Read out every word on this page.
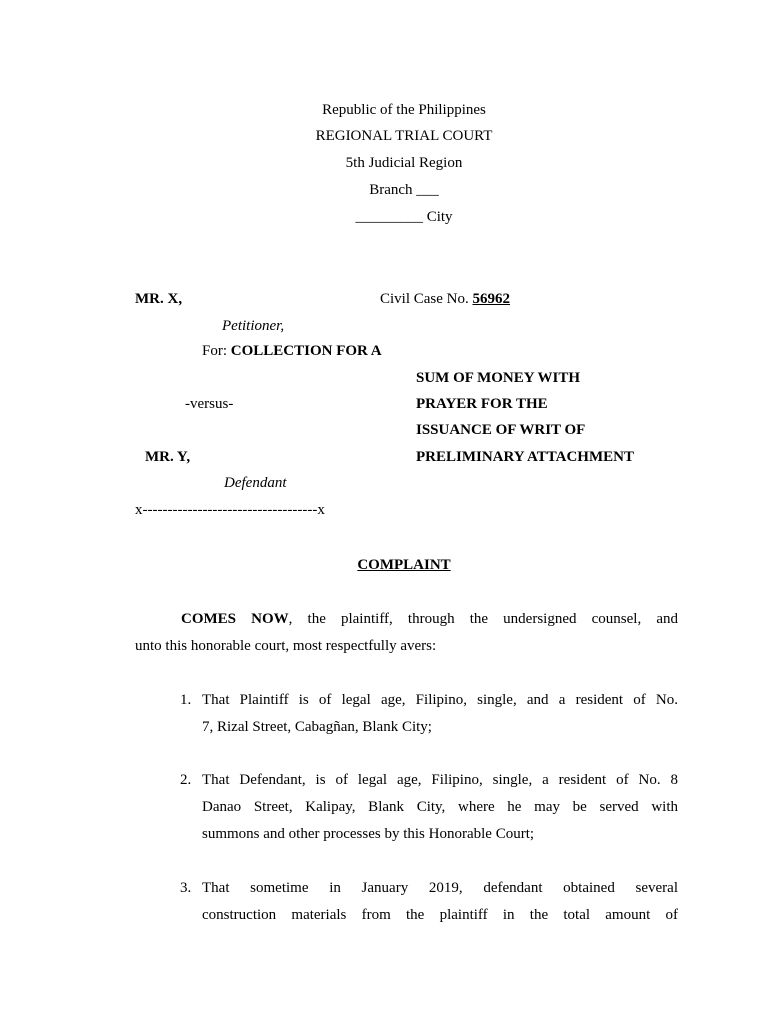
Republic of the Philippines
REGIONAL TRIAL COURT
5th Judicial Region
Branch ___
_________ City
MR. X,	Civil Case No. 56962
Petitioner,
For: COLLECTION FOR A
SUM OF MONEY WITH
-versus-	PRAYER FOR THE
ISSUANCE OF WRIT OF
MR. Y,	PRELIMINARY ATTACHMENT
Defendant
x-----------------------------------x
COMPLAINT
COMES NOW, the plaintiff, through the undersigned counsel, and
unto this honorable court, most respectfully avers:
1. That Plaintiff is of legal age, Filipino, single, and a resident of No.
7, Rizal Street, Cabagñan, Blank City;
2. That Defendant, is of legal age, Filipino, single, a resident of No. 8
Danao Street, Kalipay, Blank City, where he may be served with
summons and other processes by this Honorable Court;
3. That sometime in January 2019, defendant obtained several
construction materials from the plaintiff in the total amount of
